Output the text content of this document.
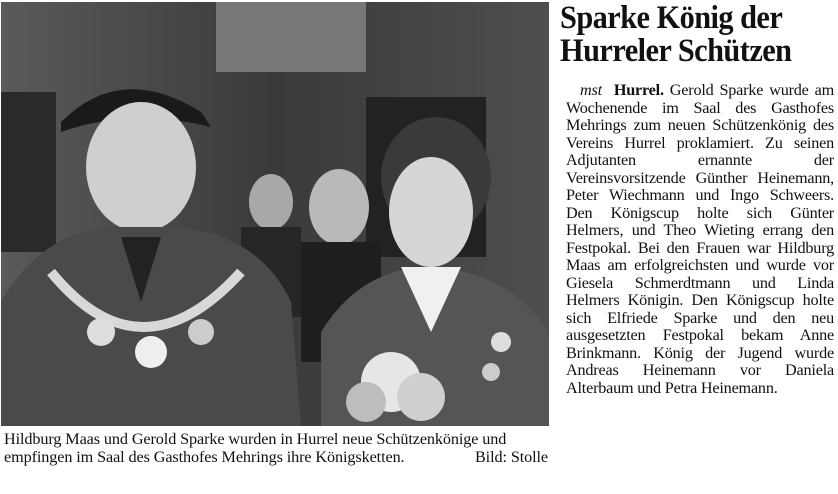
Hildburg Maas und Gerold Sparke wurden in Hurrel neue Schützenkönige und empfingen im Saal des Gasthofes Mehrings ihre Königsketten.	Bild: Stolle
Sparke König der
Hurreler Schützen
mst Hurrel. Gerold Sparke wurde am Wochenende im Saal des Gasthofes Mehrings zum neuen Schützenkönig des Vereins Hurrel proklamiert. Zu seinen Adjutanten ernannte der Vereinsvorsitzende Günther Heinemann, Peter Wiechmann und Ingo Schweers. Den Königscup holte sich Günter Helmers, und Theo Wieting errang den Festpokal. Bei den Frauen war Hildburg Maas am erfolgreichsten und wurde vor Giesela Schmerdtmann und Linda Helmers Königin. Den Königscup holte sich Elfriede Sparke und den neu ausgesetzten Festpokal bekam Anne Brinkmann. König der Jugend wurde Andreas Heinemann vor Daniela Alterbaum und Petra Heinemann.
